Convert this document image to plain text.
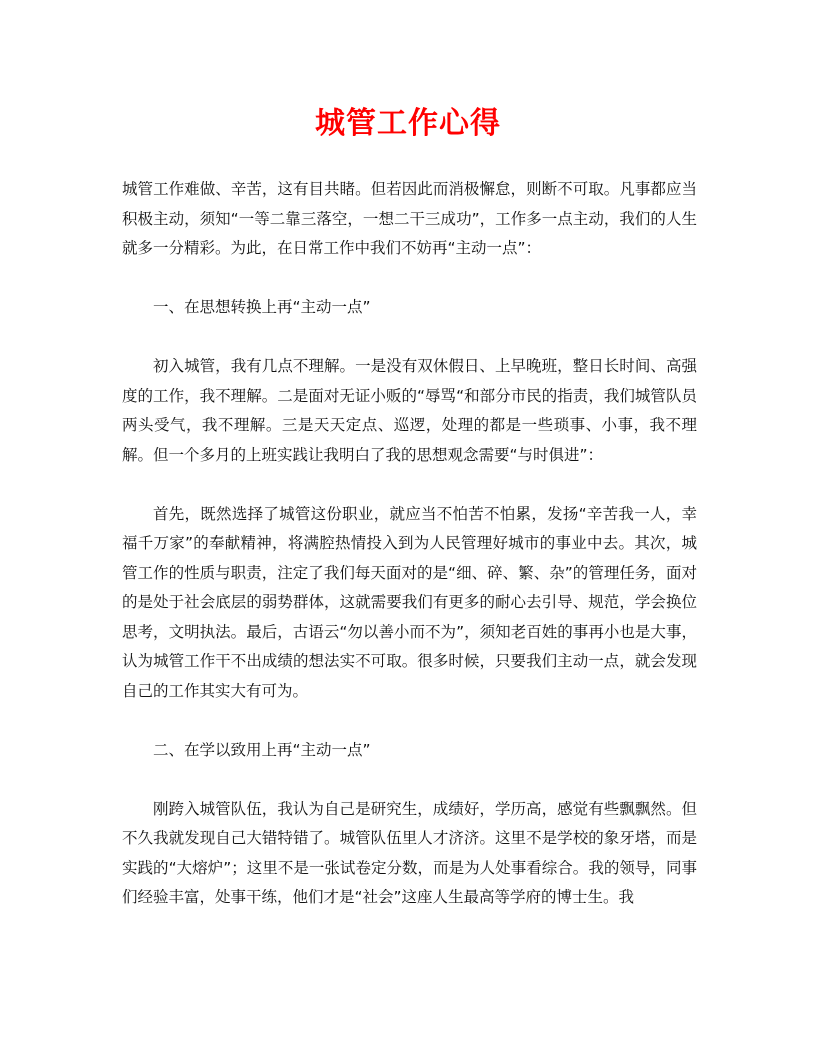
城管工作心得

城管工作难做、辛苦，这有目共睹。但若因此而消极懈怠，则断不可取。凡事都应当积极主动，须知“一等二靠三落空，一想二干三成功”，工作多一点主动，我们的人生就多一分精彩。为此，在日常工作中我们不妨再“主动一点”：

一、在思想转换上再“主动一点”

初入城管，我有几点不理解。一是没有双休假日、上早晚班，整日长时间、高强度的工作，我不理解。二是面对无证小贩的“辱骂“和部分市民的指责，我们城管队员两头受气，我不理解。三是天天定点、巡逻，处理的都是一些琐事、小事，我不理解。但一个多月的上班实践让我明白了我的思想观念需要“与时俱进”：

首先，既然选择了城管这份职业，就应当不怕苦不怕累，发扬“辛苦我一人，幸福千万家”的奉献精神，将满腔热情投入到为人民管理好城市的事业中去。其次，城管工作的性质与职责，注定了我们每天面对的是“细、碎、繁、杂”的管理任务，面对的是处于社会底层的弱势群体，这就需要我们有更多的耐心去引导、规范，学会换位思考，文明执法。最后，古语云“勿以善小而不为”，须知老百姓的事再小也是大事，认为城管工作干不出成绩的想法实不可取。很多时候，只要我们主动一点，就会发现自己的工作其实大有可为。

二、在学以致用上再“主动一点”

刚跨入城管队伍，我认为自己是研究生，成绩好，学历高，感觉有些飘飘然。但不久我就发现自己大错特错了。城管队伍里人才济济。这里不是学校的象牙塔，而是实践的“大熔炉”；这里不是一张试卷定分数，而是为人处事看综合。我的领导，同事们经验丰富，处事干练，他们才是“社会”这座人生最高等学府的博士生。我
